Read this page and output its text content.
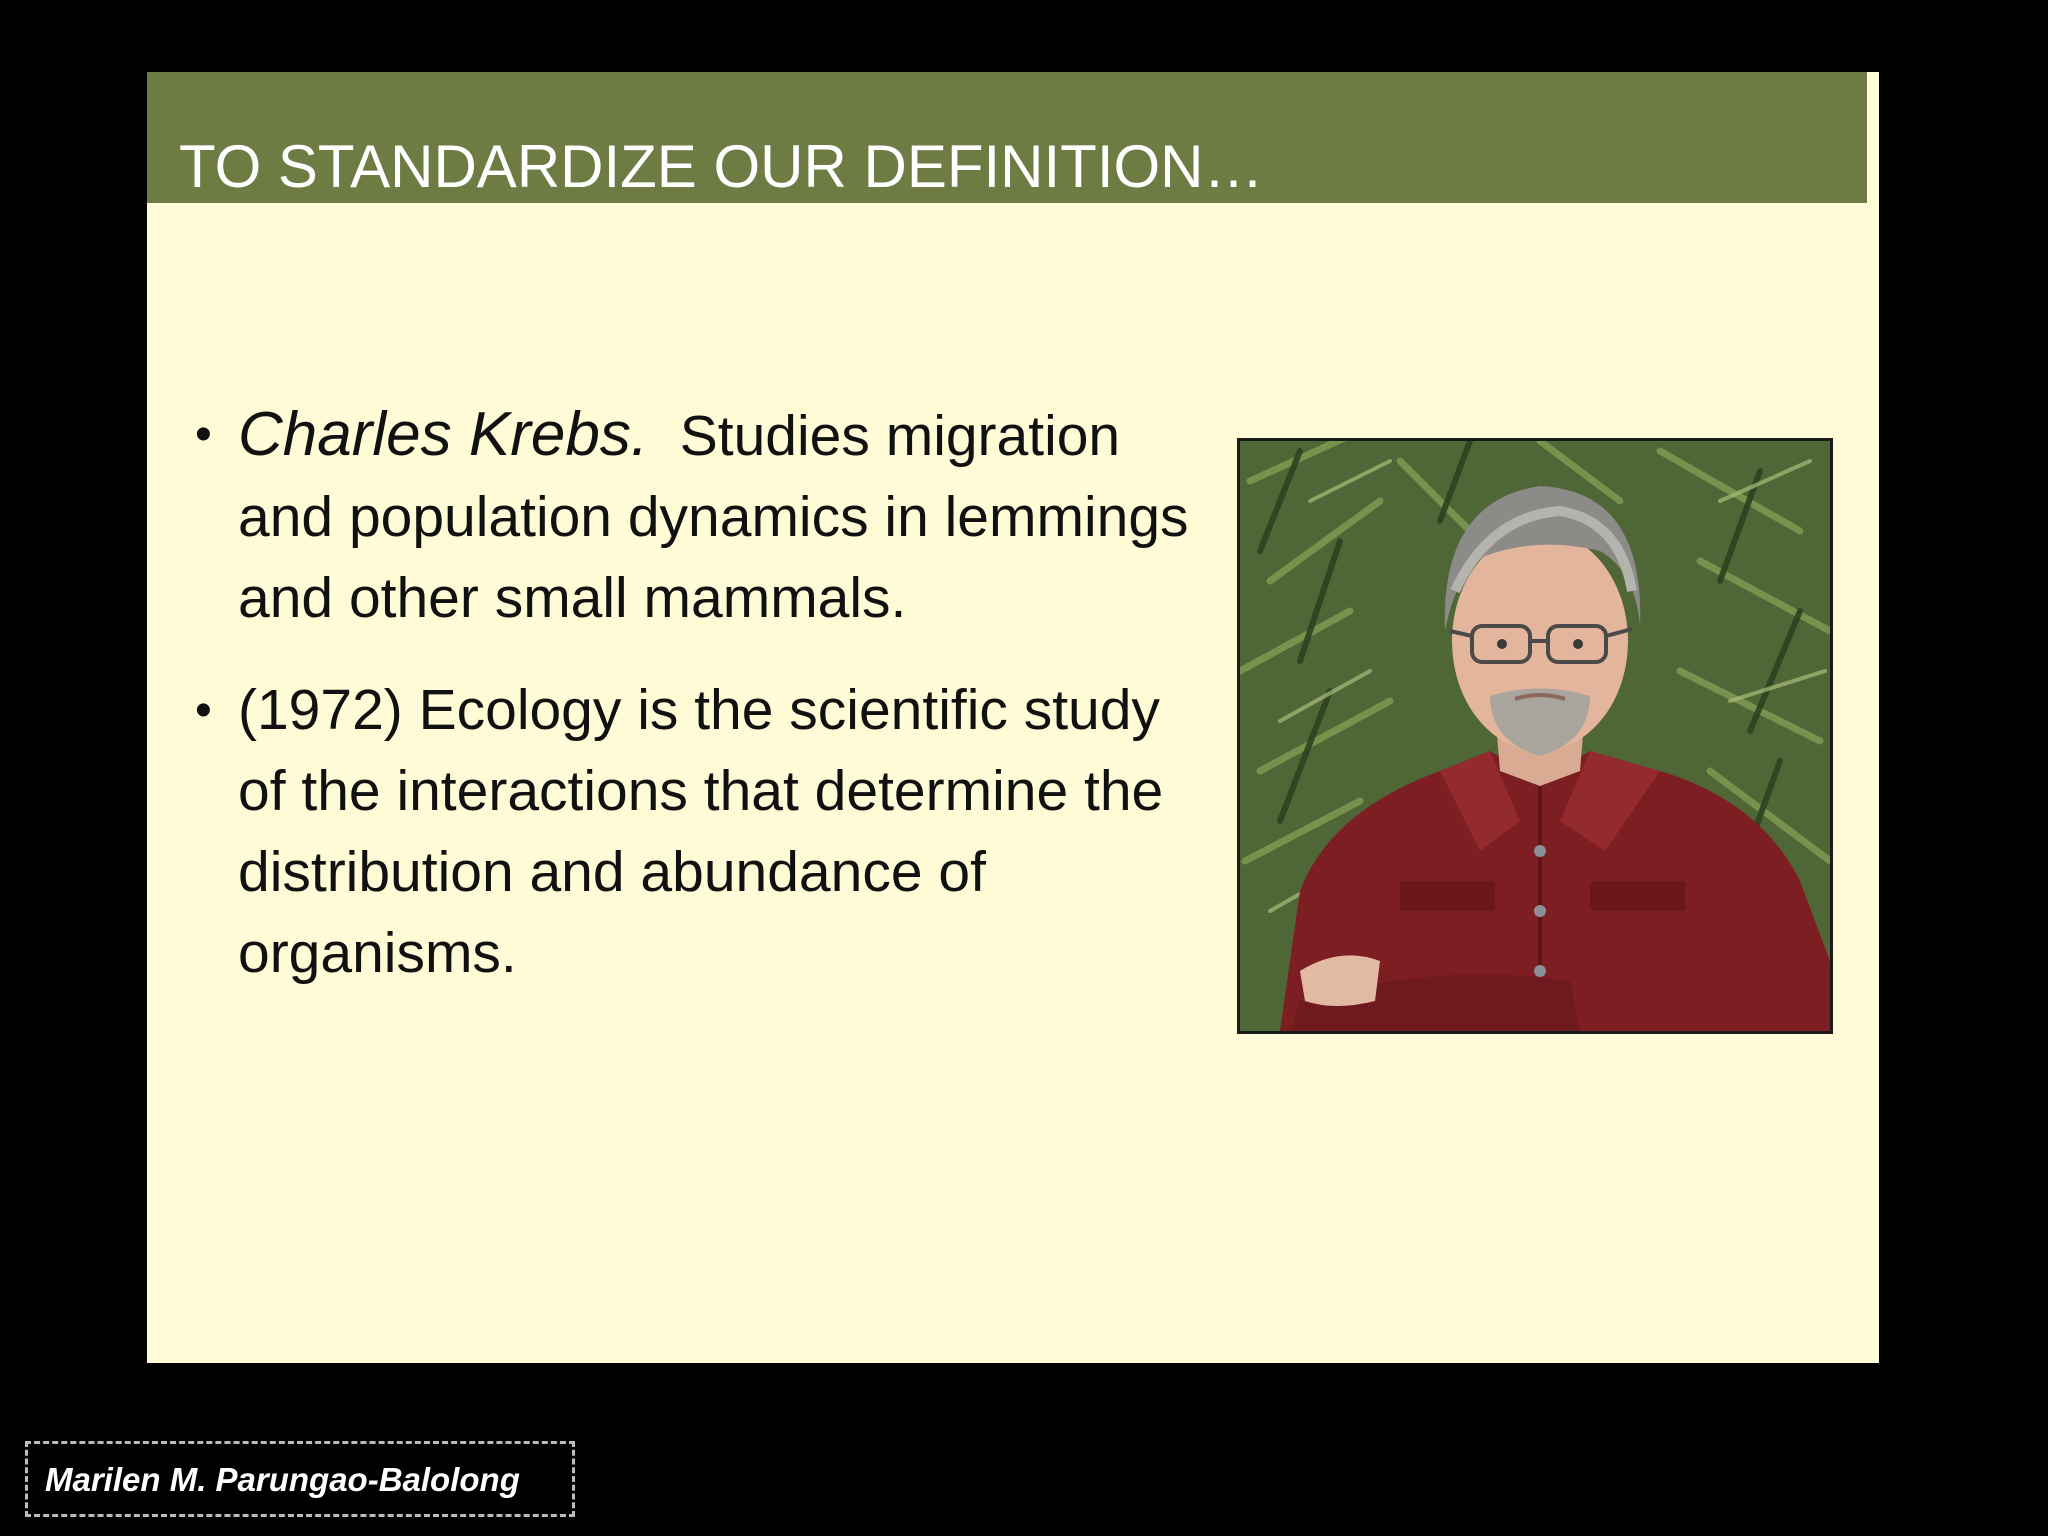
TO STANDARDIZE OUR DEFINITION…
• Charles Krebs. Studies migration and population dynamics in lemmings and other small mammals.
• (1972) Ecology is the scientific study of the interactions that determine the distribution and abundance of organisms.
Marilen M. Parungao-Balolong
